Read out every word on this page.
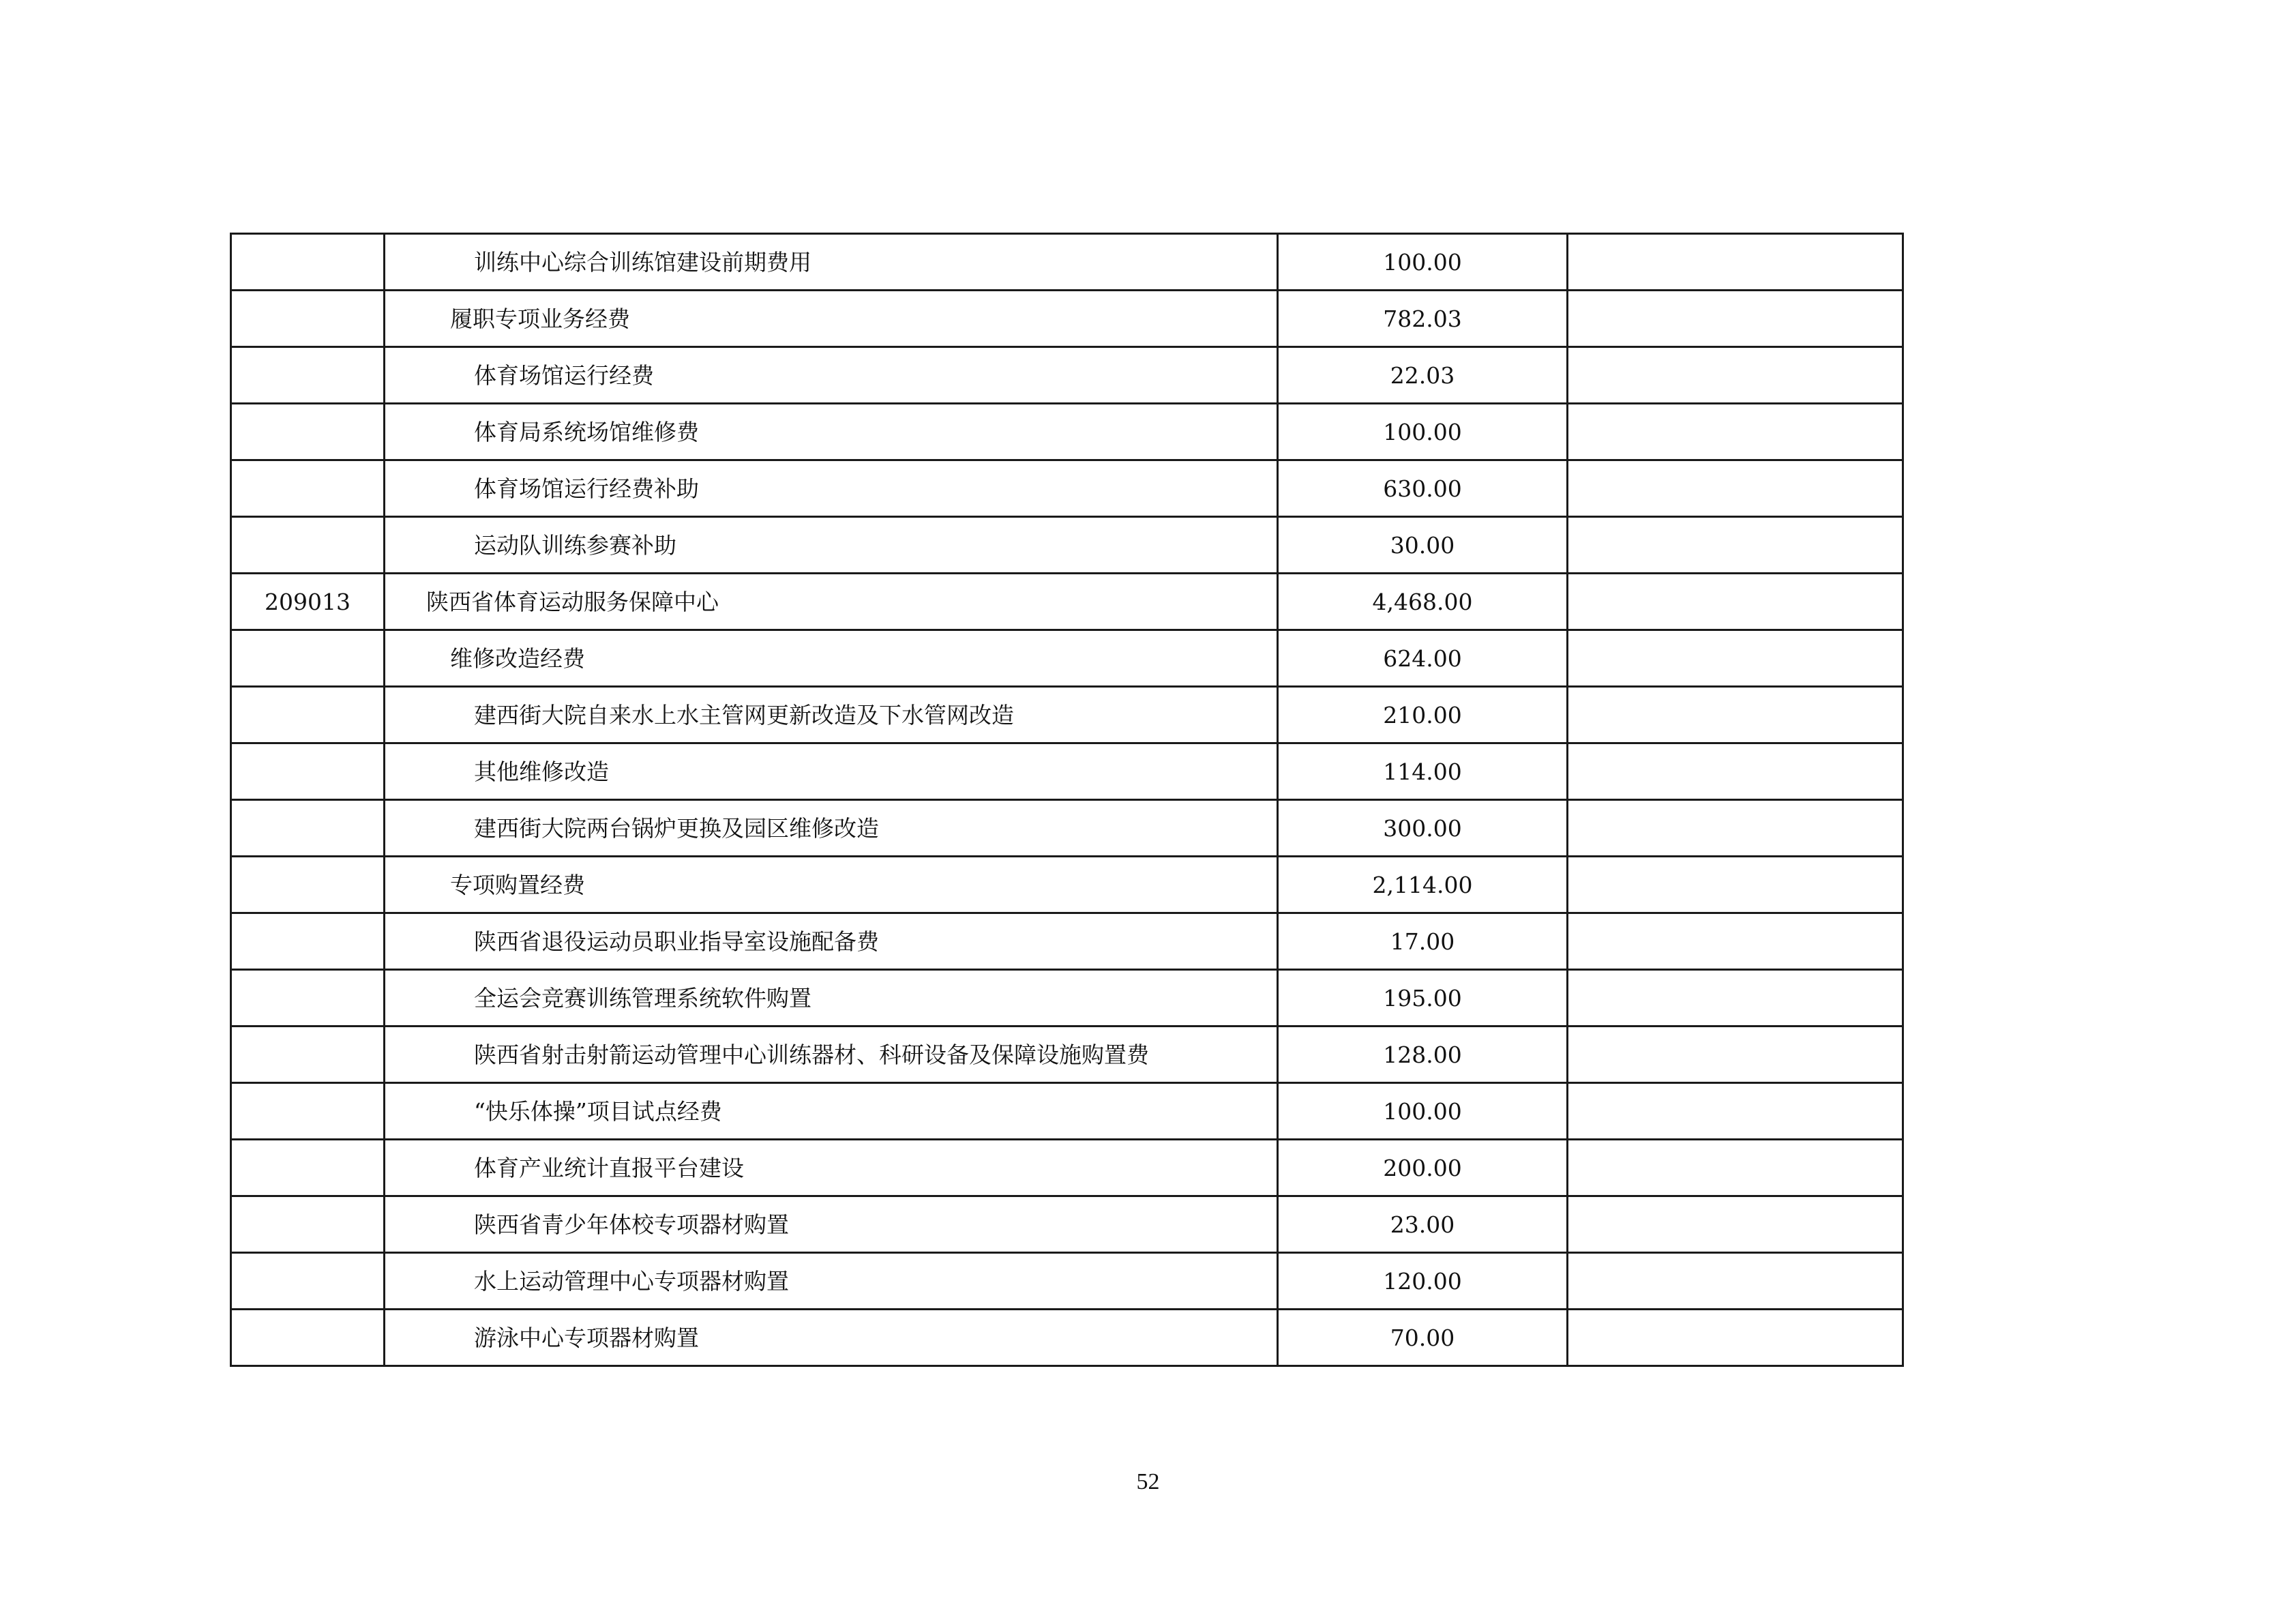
	训练中心综合训练馆建设前期费用	100.00	
	履职专项业务经费	782.03	
	体育场馆运行经费	22.03	
	体育局系统场馆维修费	100.00	
	体育场馆运行经费补助	630.00	
	运动队训练参赛补助	30.00	
209013	陕西省体育运动服务保障中心	4,468.00	
	维修改造经费	624.00	
	建西街大院自来水上水主管网更新改造及下水管网改造	210.00	
	其他维修改造	114.00	
	建西街大院两台锅炉更换及园区维修改造	300.00	
	专项购置经费	2,114.00	
	陕西省退役运动员职业指导室设施配备费	17.00	
	全运会竞赛训练管理系统软件购置	195.00	
	陕西省射击射箭运动管理中心训练器材、科研设备及保障设施购置费	128.00	
	“快乐体操”项目试点经费	100.00	
	体育产业统计直报平台建设	200.00	
	陕西省青少年体校专项器材购置	23.00	
	水上运动管理中心专项器材购置	120.00	
	游泳中心专项器材购置	70.00	
52
